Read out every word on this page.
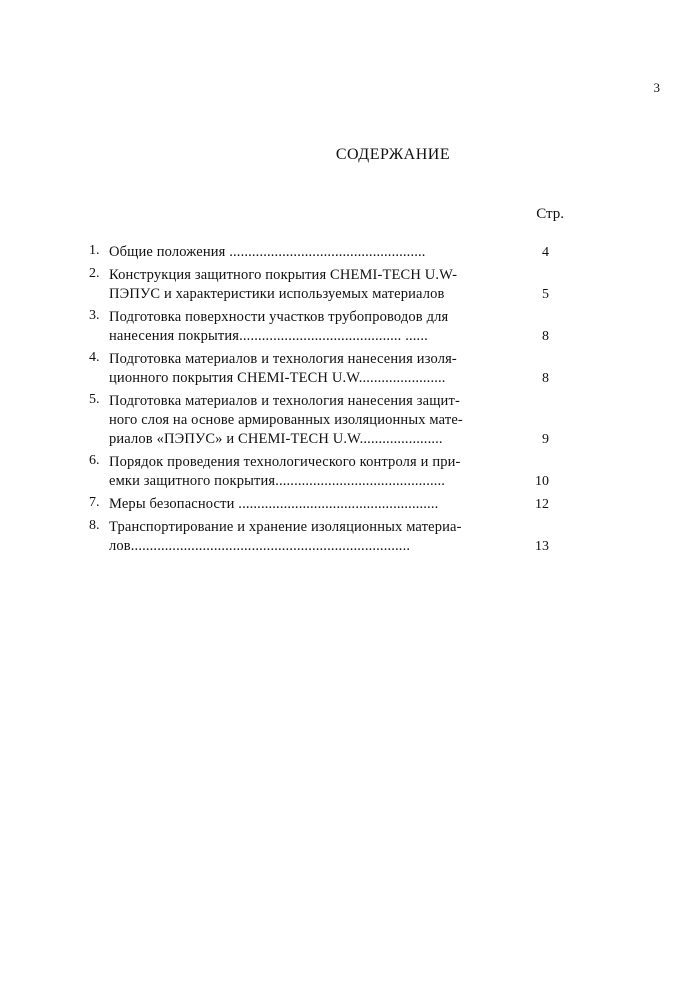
3
СОДЕРЖАНИЕ
Стр.
1. Общие положения ....................................................	4
2. Конструкция защитного покрытия CHEMI-TECH U.W-
ПЭПУС и характеристики используемых материалов	5
3. Подготовка поверхности участков трубопроводов для
нанесения покрытия........................................... ......	8
4. Подготовка материалов и технология нанесения изоля-
ционного покрытия CHEMI-TECH U.W.......................	8
5. Подготовка материалов и технология нанесения защит-
ного слоя на основе армированных изоляционных мате-
риалов «ПЭПУС» и CHEMI-TECH U.W......................	9
6. Порядок проведения технологического контроля и при-
емки защитного покрытия.............................................	10
7. Меры безопасности .....................................................	12
8. Транспортирование и хранение изоляционных материа-
лов..........................................................................	13
